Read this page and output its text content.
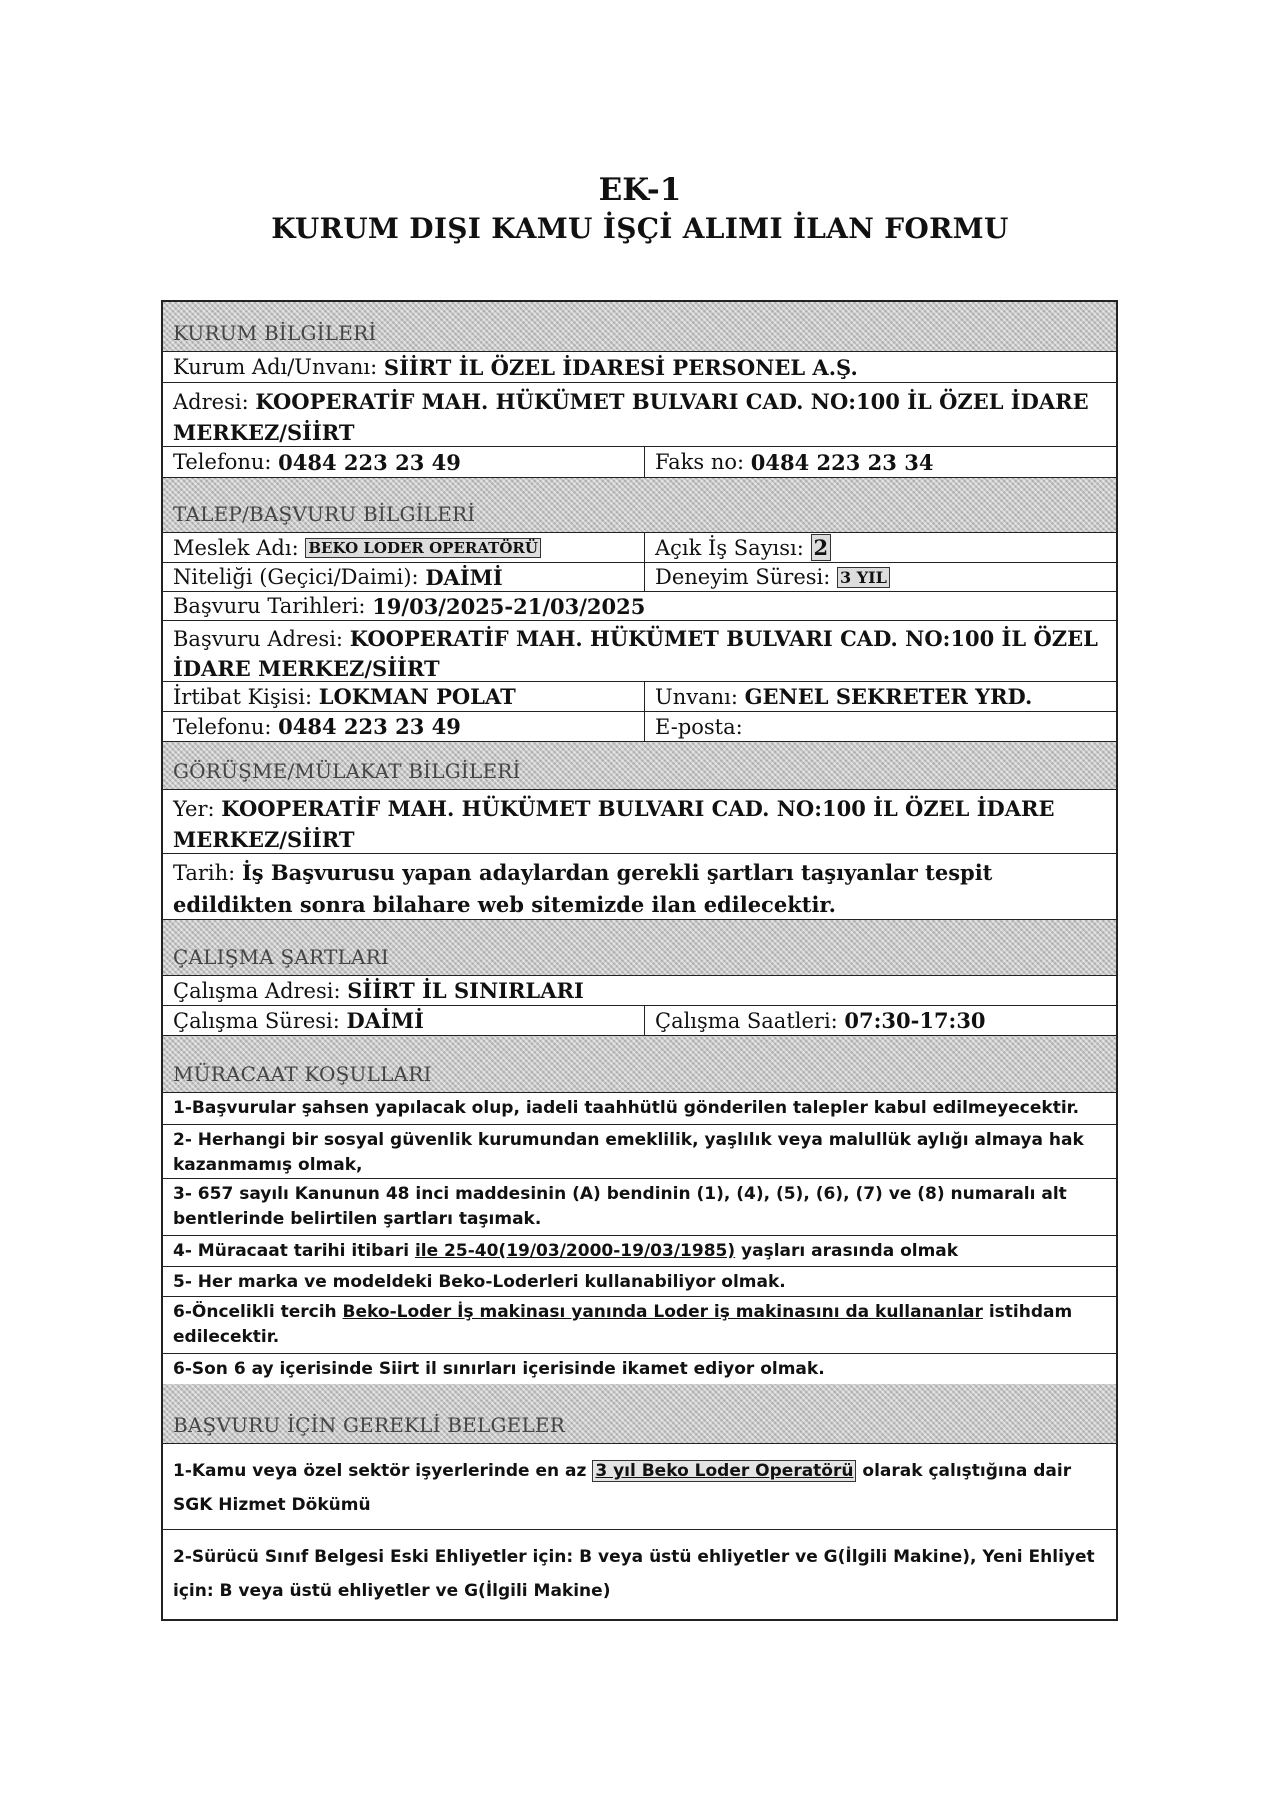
EK-1
KURUM DIŞI KAMU İŞÇİ ALIMI İLAN FORMU
KURUM BİLGİLERİ
Kurum Adı/Unvanı: SİİRT İL ÖZEL İDARESİ PERSONEL A.Ş.
Adresi: KOOPERATİF MAH. HÜKÜMET BULVARI CAD. NO:100 İL ÖZEL İDARE MERKEZ/SİİRT
Telefonu: 0484 223 23 49	Faks no: 0484 223 23 34
TALEP/BAŞVURU BİLGİLERİ
Meslek Adı: BEKO LODER OPERATÖRÜ	Açık İş Sayısı: 2
Niteliği (Geçici/Daimi): DAİMİ	Deneyim Süresi: 3 YIL
Başvuru Tarihleri: 19/03/2025-21/03/2025
Başvuru Adresi: KOOPERATİF MAH. HÜKÜMET BULVARI CAD. NO:100 İL ÖZEL İDARE MERKEZ/SİİRT
İrtibat Kişisi: LOKMAN POLAT	Unvanı: GENEL SEKRETER YRD.
Telefonu: 0484 223 23 49	E-posta:
GÖRÜŞME/MÜLAKAT BİLGİLERİ
Yer: KOOPERATİF MAH. HÜKÜMET BULVARI CAD. NO:100 İL ÖZEL İDARE MERKEZ/SİİRT
Tarih: İş Başvurusu yapan adaylardan gerekli şartları taşıyanlar tespit edildikten sonra bilahare web sitemizde ilan edilecektir.
ÇALIŞMA ŞARTLARI
Çalışma Adresi: SİİRT İL SINIRLARI
Çalışma Süresi: DAİMİ	Çalışma Saatleri: 07:30-17:30
MÜRACAAT KOŞULLARI
1-Başvurular şahsen yapılacak olup, iadeli taahhütlü gönderilen talepler kabul edilmeyecektir.
2- Herhangi bir sosyal güvenlik kurumundan emeklilik, yaşlılık veya malullük aylığı almaya hak kazanmamış olmak,
3- 657 sayılı Kanunun 48 inci maddesinin (A) bendinin (1), (4), (5), (6), (7) ve (8) numaralı alt bentlerinde belirtilen şartları taşımak.
4- Müracaat tarihi itibari ile 25-40(19/03/2000-19/03/1985) yaşları arasında olmak
5- Her marka ve modeldeki Beko-Loderleri kullanabiliyor olmak.
6-Öncelikli tercih Beko-Loder İş makinası yanında Loder iş makinasını da kullananlar istihdam edilecektir.
6-Son 6 ay içerisinde Siirt il sınırları içerisinde ikamet ediyor olmak.
BAŞVURU İÇİN GEREKLİ BELGELER
1-Kamu veya özel sektör işyerlerinde en az 3 yıl Beko Loder Operatörü olarak çalıştığına dair SGK Hizmet Dökümü
2-Sürücü Sınıf Belgesi Eski Ehliyetler için: B veya üstü ehliyetler ve G(İlgili Makine), Yeni Ehliyet için: B veya üstü ehliyetler ve G(İlgili Makine)
